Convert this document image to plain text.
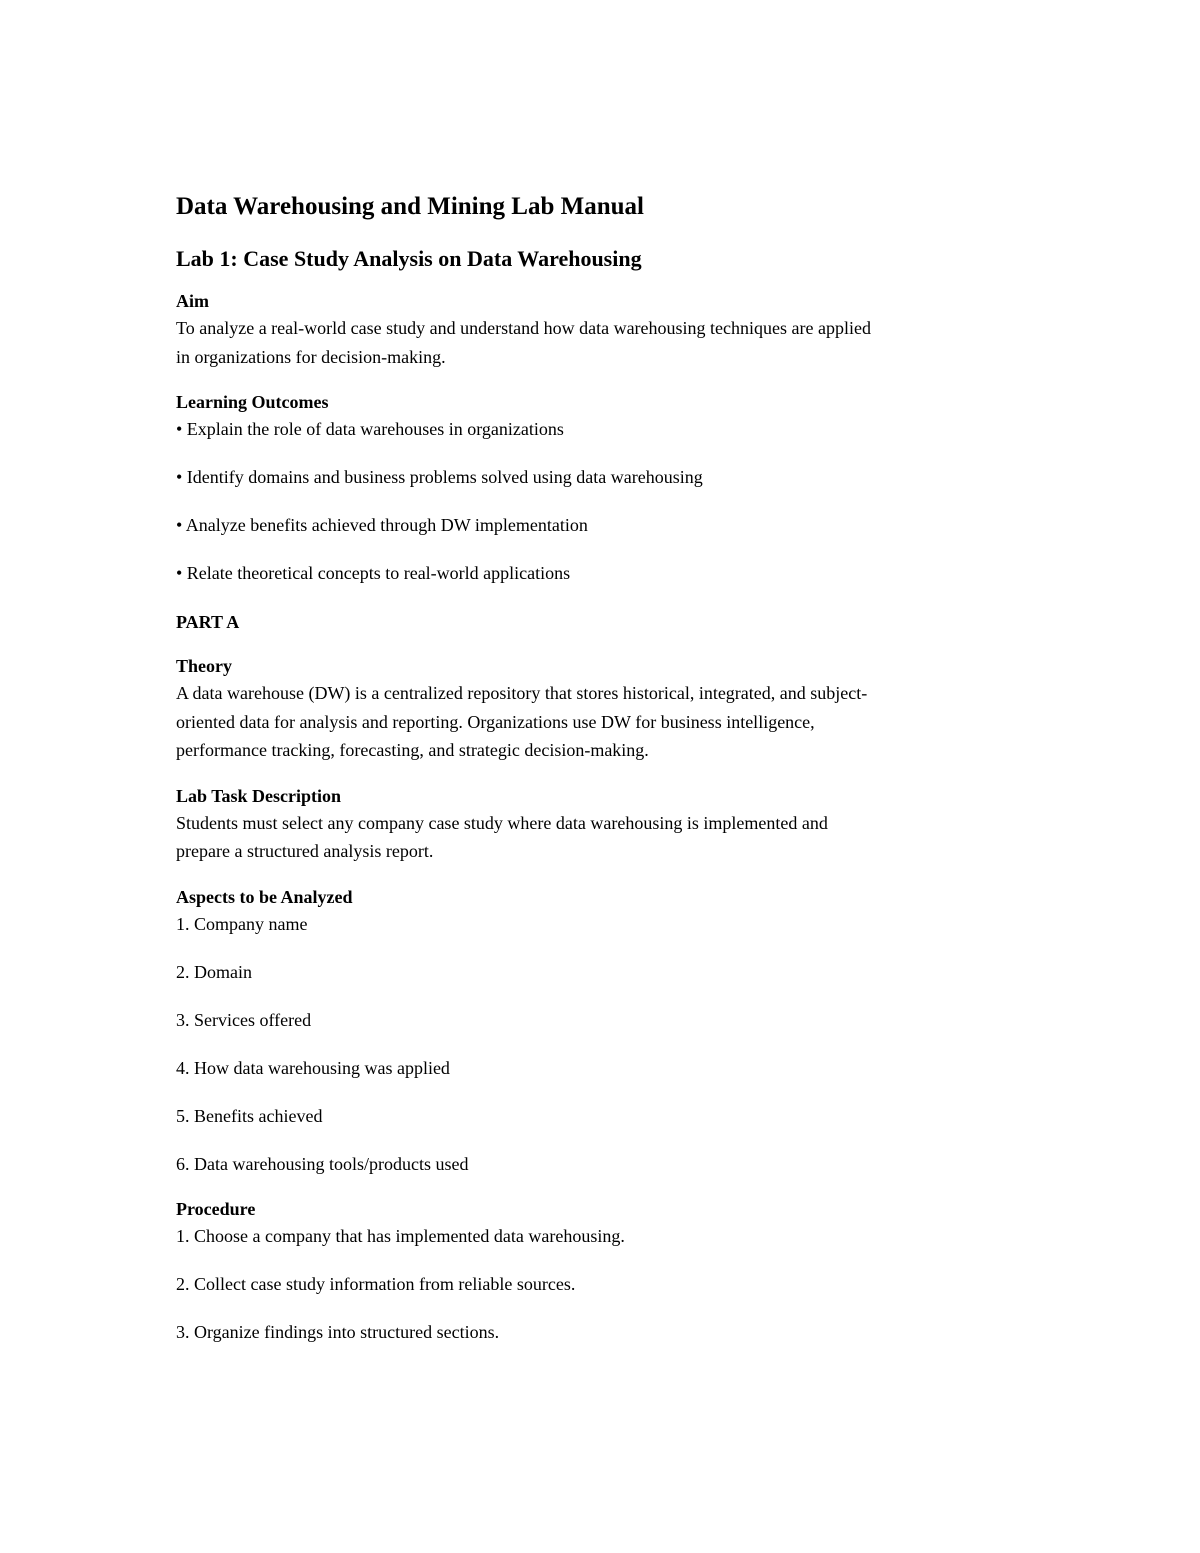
Data Warehousing and Mining Lab Manual
Lab 1: Case Study Analysis on Data Warehousing
Aim

To analyze a real-world case study and understand how data warehousing techniques are applied

in organizations for decision-making.

Learning Outcomes

• Explain the role of data warehouses in organizations

• Identify domains and business problems solved using data warehousing

• Analyze benefits achieved through DW implementation

• Relate theoretical concepts to real-world applications

PART A
Theory

A data warehouse (DW) is a centralized repository that stores historical, integrated, and subject-

oriented data for analysis and reporting. Organizations use DW for business intelligence,

performance tracking, forecasting, and strategic decision-making.

Lab Task Description

Students must select any company case study where data warehousing is implemented and

prepare a structured analysis report.

Aspects to be Analyzed

1. Company name

2. Domain

3. Services offered

4. How data warehousing was applied

5. Benefits achieved

6. Data warehousing tools/products used

Procedure

1. Choose a company that has implemented data warehousing.

2. Collect case study information from reliable sources.

3. Organize findings into structured sections.
